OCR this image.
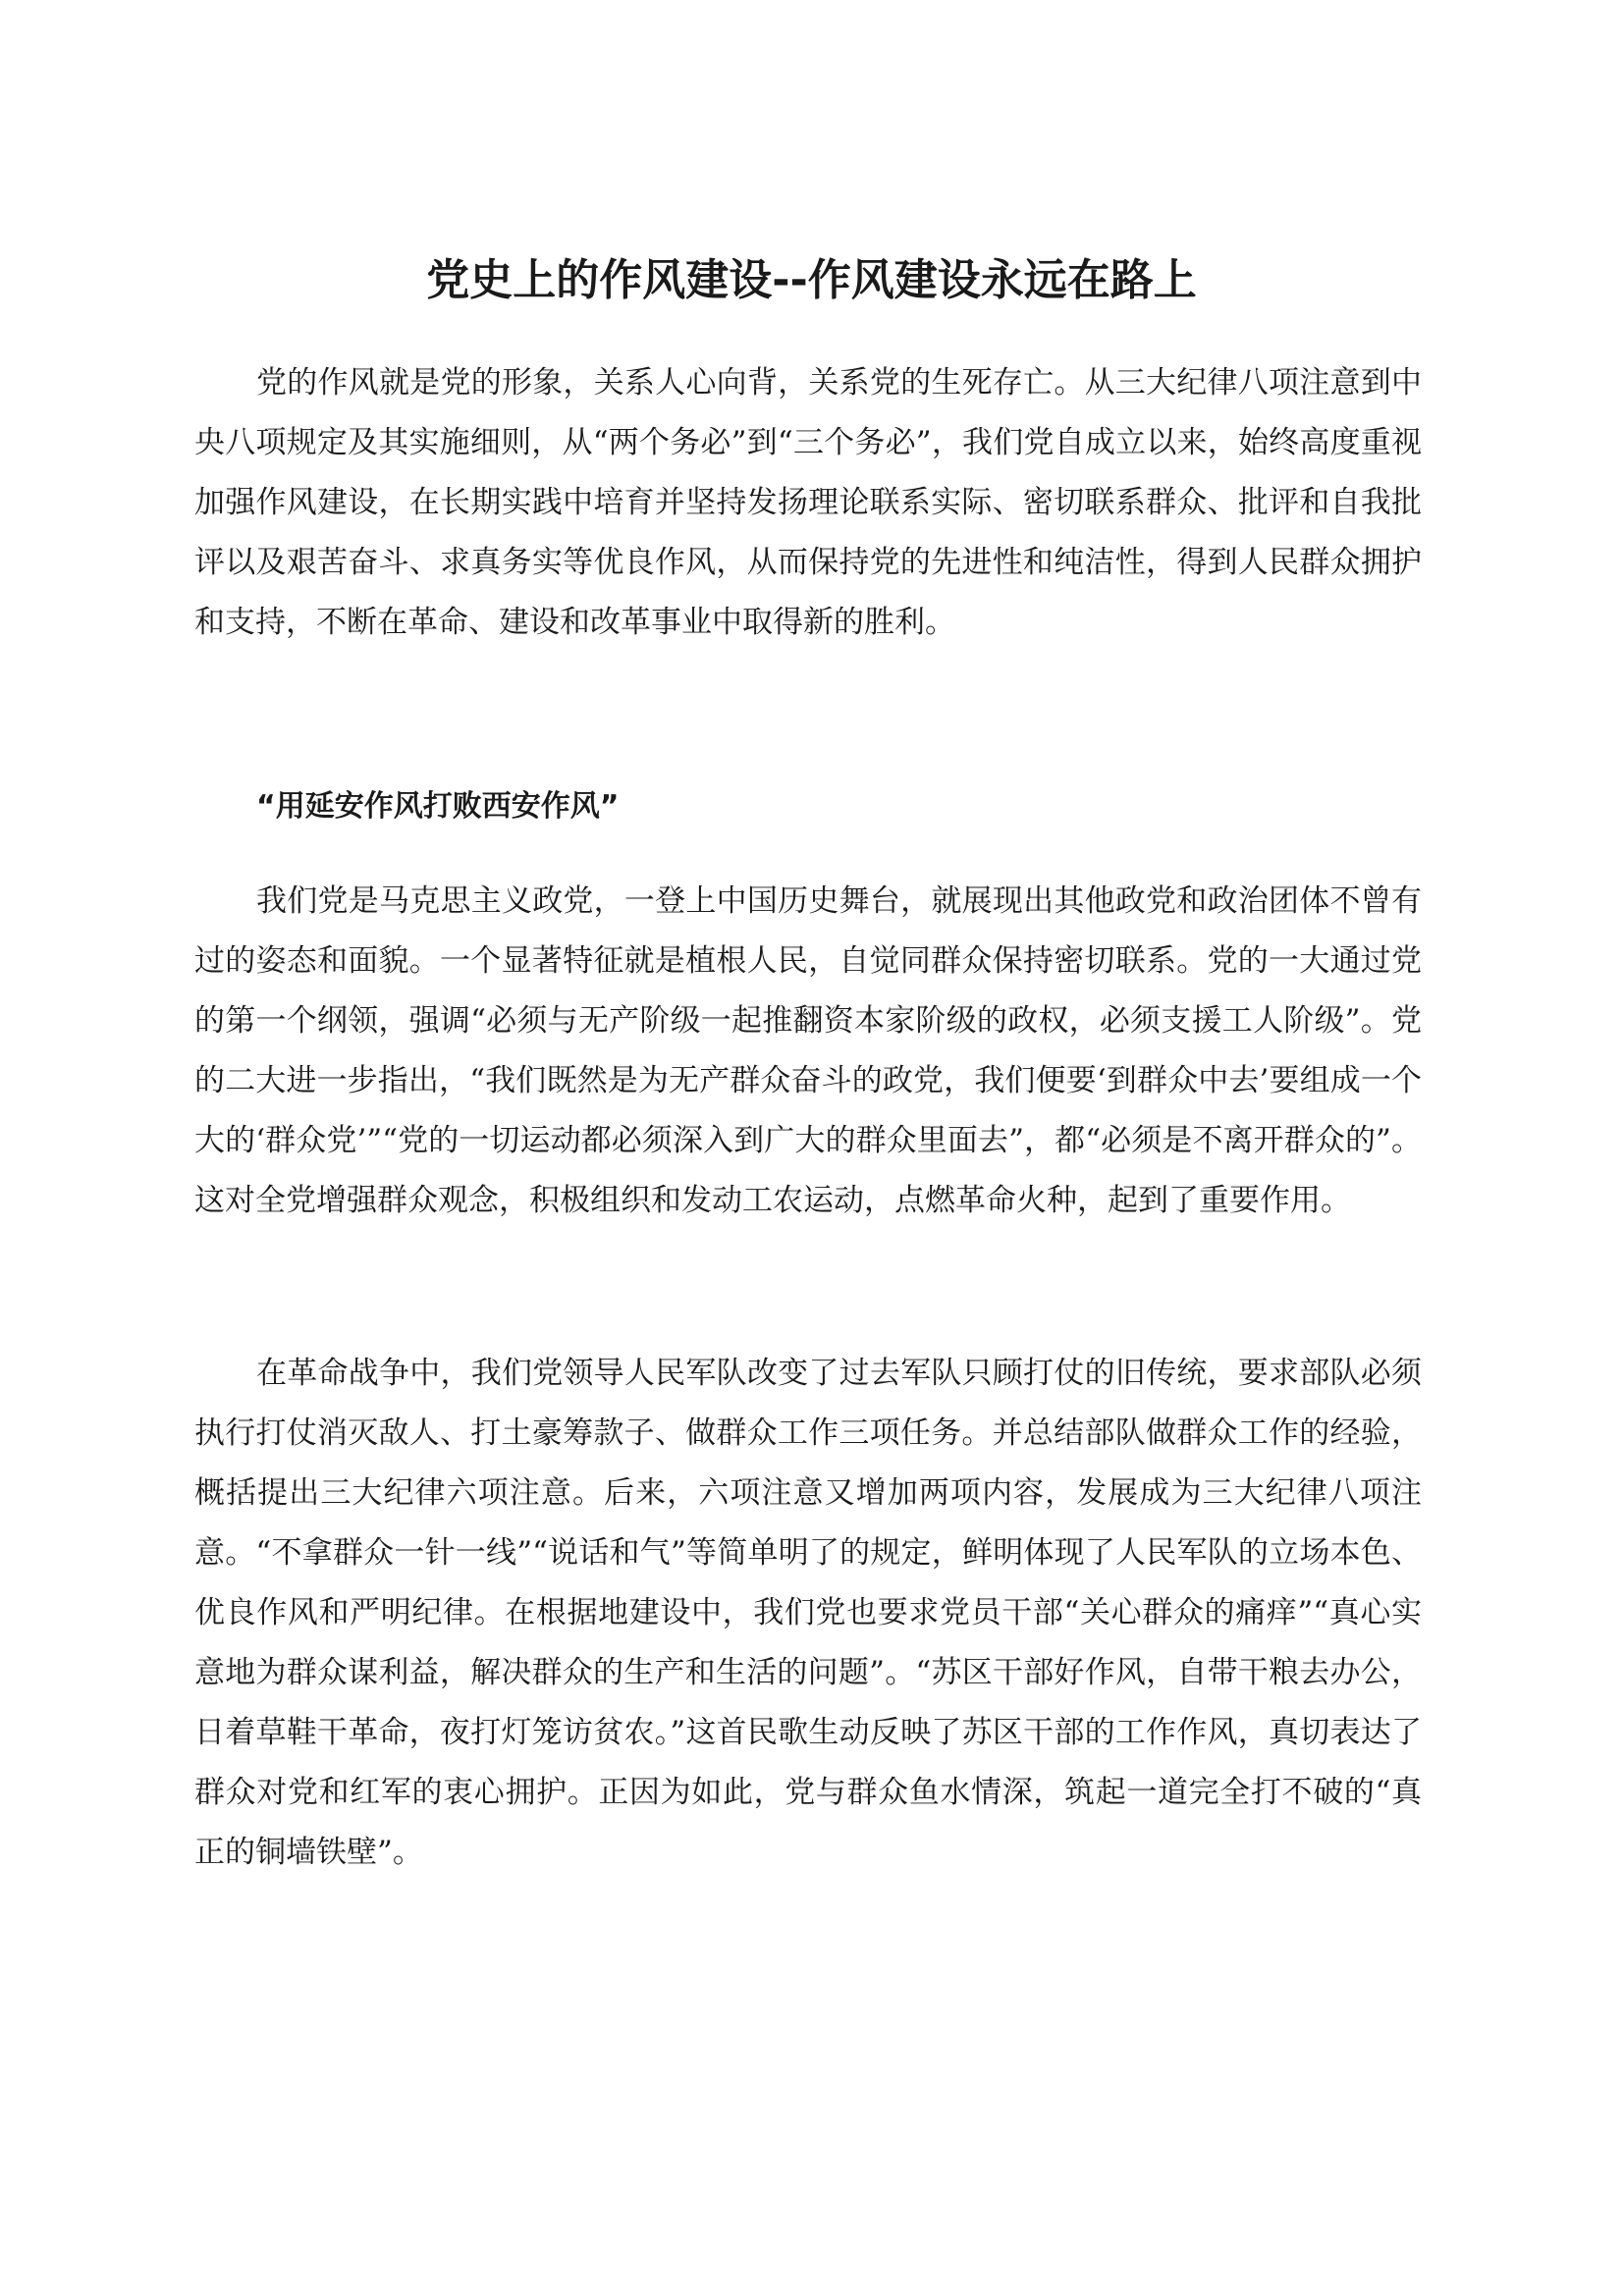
党史上的作风建设--作风建设永远在路上

党的作风就是党的形象，关系人心向背，关系党的生死存亡。从三大纪律八项注意到中央八项规定及其实施细则，从“两个务必”到“三个务必”，我们党自成立以来，始终高度重视加强作风建设，在长期实践中培育并坚持发扬理论联系实际、密切联系群众、批评和自我批评以及艰苦奋斗、求真务实等优良作风，从而保持党的先进性和纯洁性，得到人民群众拥护和支持，不断在革命、建设和改革事业中取得新的胜利。

“用延安作风打败西安作风”

我们党是马克思主义政党，一登上中国历史舞台，就展现出其他政党和政治团体不曾有过的姿态和面貌。一个显著特征就是植根人民，自觉同群众保持密切联系。党的一大通过党的第一个纲领，强调“必须与无产阶级一起推翻资本家阶级的政权，必须支援工人阶级”。党的二大进一步指出，“我们既然是为无产群众奋斗的政党，我们便要‘到群众中去’要组成一个大的‘群众党’”“党的一切运动都必须深入到广大的群众里面去”，都“必须是不离开群众的”。这对全党增强群众观念，积极组织和发动工农运动，点燃革命火种，起到了重要作用。

在革命战争中，我们党领导人民军队改变了过去军队只顾打仗的旧传统，要求部队必须执行打仗消灭敌人、打土豪筹款子、做群众工作三项任务。并总结部队做群众工作的经验，概括提出三大纪律六项注意。后来，六项注意又增加两项内容，发展成为三大纪律八项注意。“不拿群众一针一线”“说话和气”等简单明了的规定，鲜明体现了人民军队的立场本色、优良作风和严明纪律。在根据地建设中，我们党也要求党员干部“关心群众的痛痒”“真心实意地为群众谋利益，解决群众的生产和生活的问题”。“苏区干部好作风，自带干粮去办公，日着草鞋干革命，夜打灯笼访贫农。”这首民歌生动反映了苏区干部的工作作风，真切表达了群众对党和红军的衷心拥护。正因为如此，党与群众鱼水情深，筑起一道完全打不破的“真正的铜墙铁壁”。
